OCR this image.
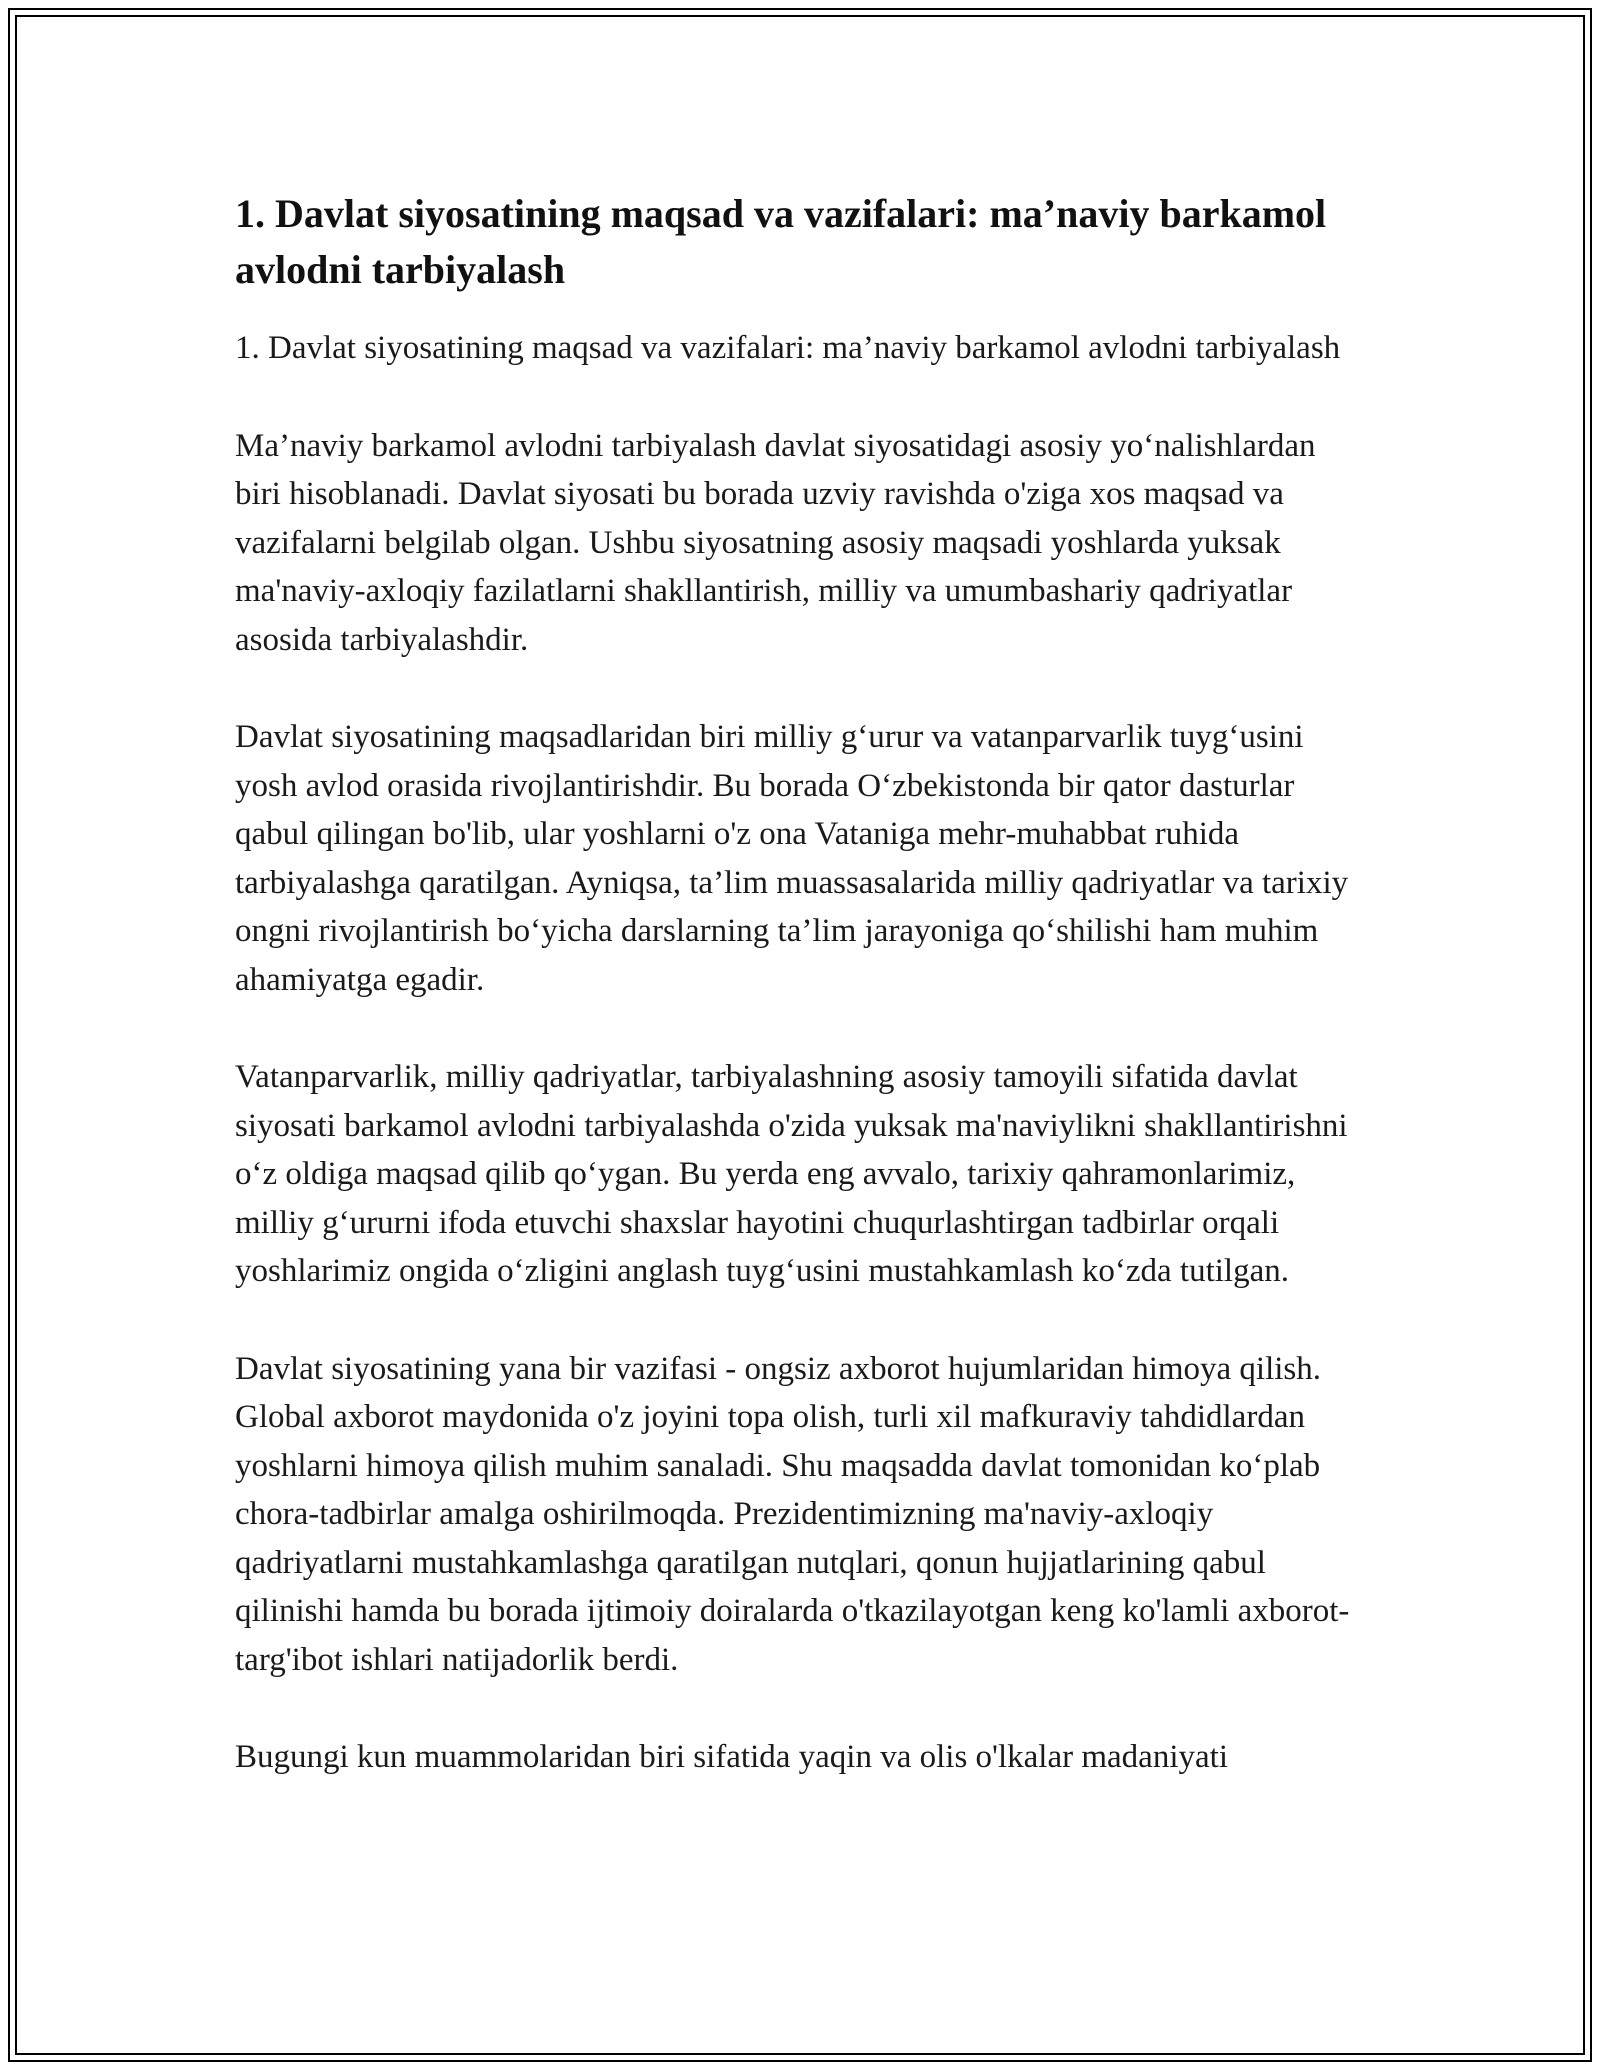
1. Davlat siyosatining maqsad va vazifalari: ma’naviy barkamol avlodni tarbiyalash

1. Davlat siyosatining maqsad va vazifalari: ma’naviy barkamol avlodni tarbiyalash

Ma’naviy barkamol avlodni tarbiyalash davlat siyosatidagi asosiy yo‘nalishlardan biri hisoblanadi. Davlat siyosati bu borada uzviy ravishda o'ziga xos maqsad va vazifalarni belgilab olgan. Ushbu siyosatning asosiy maqsadi yoshlarda yuksak ma'naviy-axloqiy fazilatlarni shakllantirish, milliy va umumbashariy qadriyatlar asosida tarbiyalashdir.

Davlat siyosatining maqsadlaridan biri milliy g‘urur va vatanparvarlik tuyg‘usini yosh avlod orasida rivojlantirishdir. Bu borada O‘zbekistonda bir qator dasturlar qabul qilingan bo'lib, ular yoshlarni o'z ona Vataniga mehr-muhabbat ruhida tarbiyalashga qaratilgan. Ayniqsa, ta’lim muassasalarida milliy qadriyatlar va tarixiy ongni rivojlantirish bo‘yicha darslarning ta’lim jarayoniga qo‘shilishi ham muhim ahamiyatga egadir.

Vatanparvarlik, milliy qadriyatlar, tarbiyalashning asosiy tamoyili sifatida davlat siyosati barkamol avlodni tarbiyalashda o'zida yuksak ma'naviylikni shakllantirishni o‘z oldiga maqsad qilib qo‘ygan. Bu yerda eng avvalo, tarixiy qahramonlarimiz, milliy g‘ururni ifoda etuvchi shaxslar hayotini chuqurlashtirgan tadbirlar orqali yoshlarimiz ongida o‘zligini anglash tuyg‘usini mustahkamlash ko‘zda tutilgan.

Davlat siyosatining yana bir vazifasi - ongsiz axborot hujumlaridan himoya qilish. Global axborot maydonida o'z joyini topa olish, turli xil mafkuraviy tahdidlardan yoshlarni himoya qilish muhim sanaladi. Shu maqsadda davlat tomonidan ko‘plab chora-tadbirlar amalga oshirilmoqda. Prezidentimizning ma'naviy-axloqiy qadriyatlarni mustahkamlashga qaratilgan nutqlari, qonun hujjatlarining qabul qilinishi hamda bu borada ijtimoiy doiralarda o'tkazilayotgan keng ko'lamli axborot-targ'ibot ishlari natijadorlik berdi.

Bugungi kun muammolaridan biri sifatida yaqin va olis o'lkalar madaniyati
